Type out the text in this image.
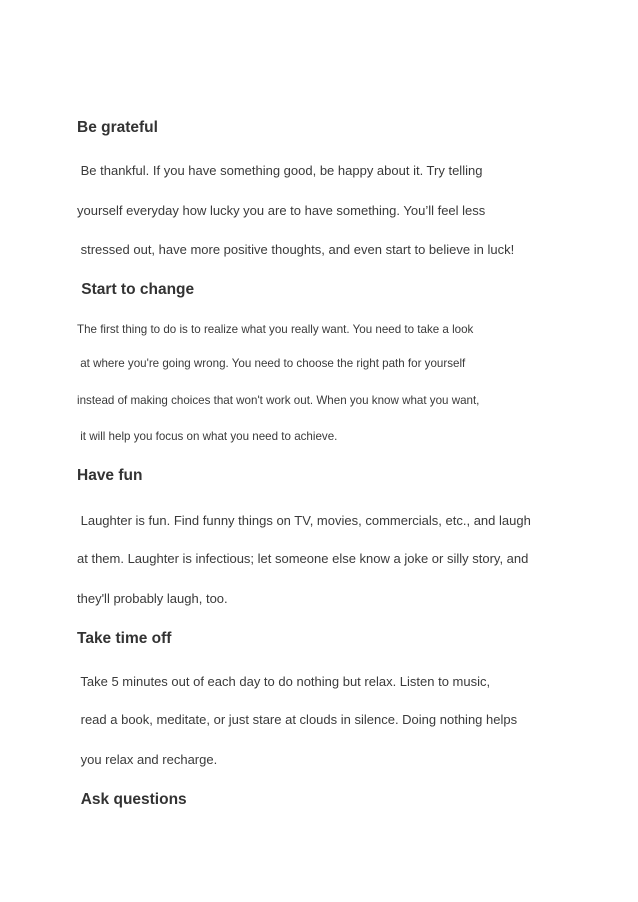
Be grateful
Be thankful. If you have something good, be happy about it. Try telling
yourself everyday how lucky you are to have something. You’ll feel less
stressed out, have more positive thoughts, and even start to believe in luck!
Start to change
The first thing to do is to realize what you really want. You need to take a look
at where you're going wrong. You need to choose the right path for yourself
instead of making choices that won't work out. When you know what you want,
it will help you focus on what you need to achieve.
Have fun
Laughter is fun. Find funny things on TV, movies, commercials, etc., and laugh
at them. Laughter is infectious; let someone else know a joke or silly story, and
they'll probably laugh, too.
Take time off
Take 5 minutes out of each day to do nothing but relax. Listen to music,
read a book, meditate, or just stare at clouds in silence. Doing nothing helps
you relax and recharge.
Ask questions
